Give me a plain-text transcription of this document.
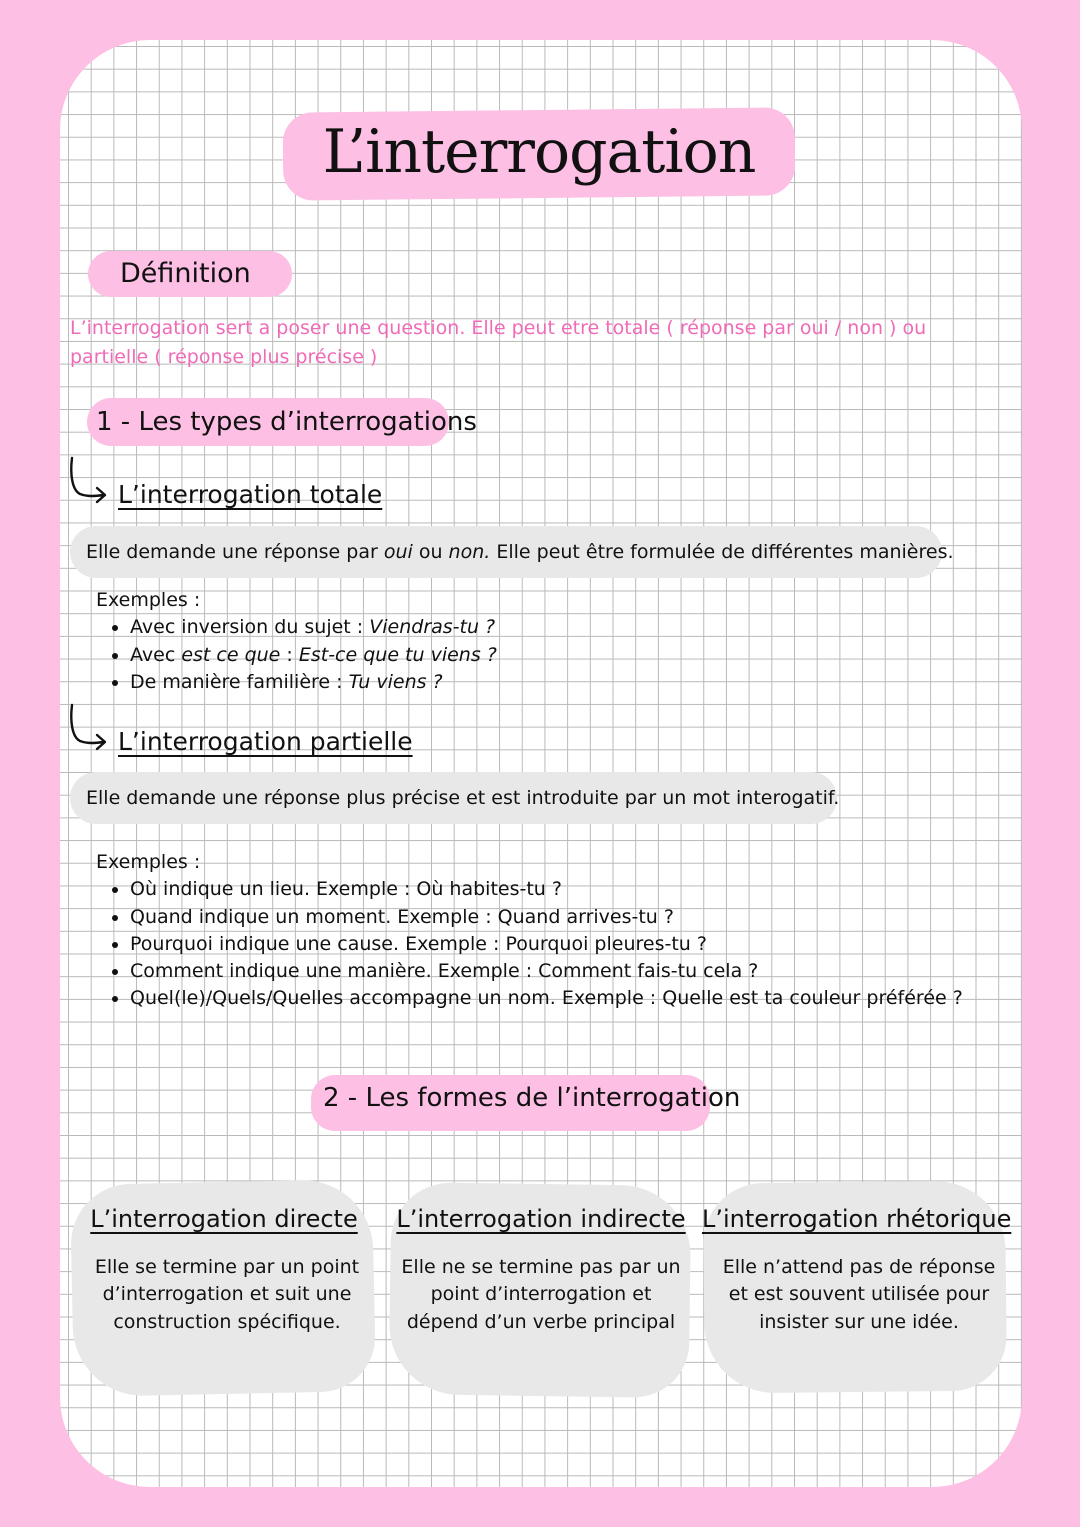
L’interrogation
Définition
L’interrogation sert a poser une question. Elle peut etre totale ( réponse par oui / non ) ou
partielle ( réponse plus précise )
1 - Les types d’interrogations
L’interrogation totale
Elle demande une réponse par oui ou non. Elle peut être formulée de différentes manières.
Exemples :
• Avec inversion du sujet : Viendras-tu ?
• Avec est ce que : Est-ce que tu viens ?
• De manière familière : Tu viens ?
L’interrogation partielle
Elle demande une réponse plus précise et est introduite par un mot interogatif.
Exemples :
• Où indique un lieu. Exemple : Où habites-tu ?
• Quand indique un moment. Exemple : Quand arrives-tu ?
• Pourquoi indique une cause. Exemple : Pourquoi pleures-tu ?
• Comment indique une manière. Exemple : Comment fais-tu cela ?
• Quel(le)/Quels/Quelles accompagne un nom. Exemple : Quelle est ta couleur préférée ?
2 - Les formes de l’interrogation
L’interrogation directe
Elle se termine par un point
d’interrogation et suit une
construction spécifique.
L’interrogation indirecte
Elle ne se termine pas par un
point d’interrogation et
dépend d’un verbe principal
L’interrogation rhétorique
Elle n’attend pas de réponse
et est souvent utilisée pour
insister sur une idée.
